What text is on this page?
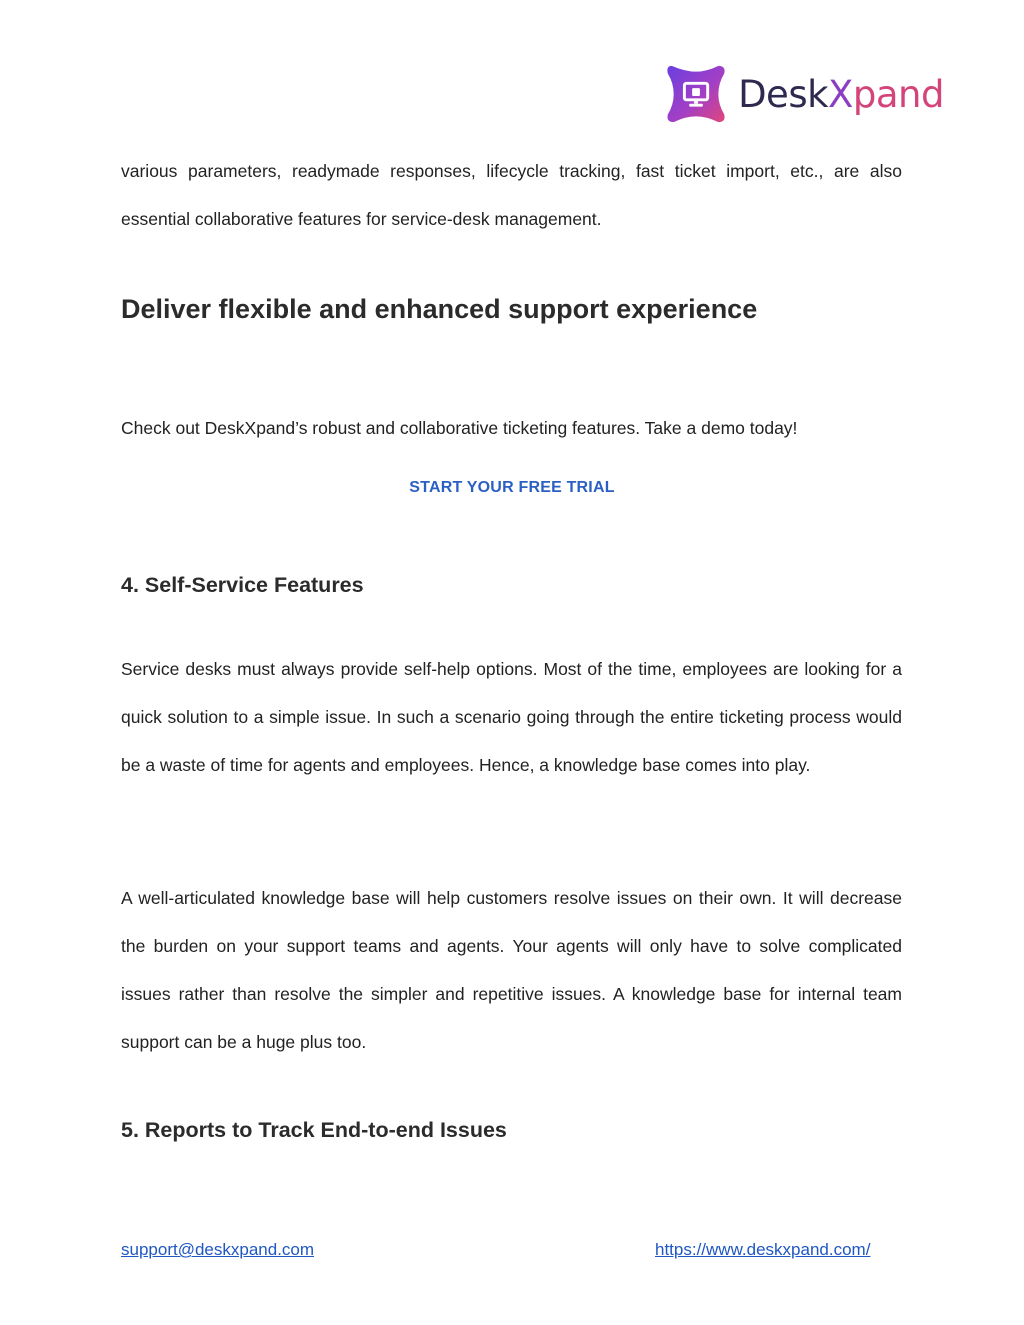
DeskXpand
various parameters, readymade responses, lifecycle tracking, fast ticket import, etc., are also essential collaborative features for service-desk management.
Deliver flexible and enhanced support experience
Check out DeskXpand’s robust and collaborative ticketing features. Take a demo today!
START YOUR FREE TRIAL
4. Self-Service Features
Service desks must always provide self-help options. Most of the time, employees are looking for a quick solution to a simple issue. In such a scenario going through the entire ticketing process would be a waste of time for agents and employees. Hence, a knowledge base comes into play.
A well-articulated knowledge base will help customers resolve issues on their own. It will decrease the burden on your support teams and agents. Your agents will only have to solve complicated issues rather than resolve the simpler and repetitive issues. A knowledge base for internal team support can be a huge plus too.
5. Reports to Track End-to-end Issues
support@deskxpand.com	https://www.deskxpand.com/
